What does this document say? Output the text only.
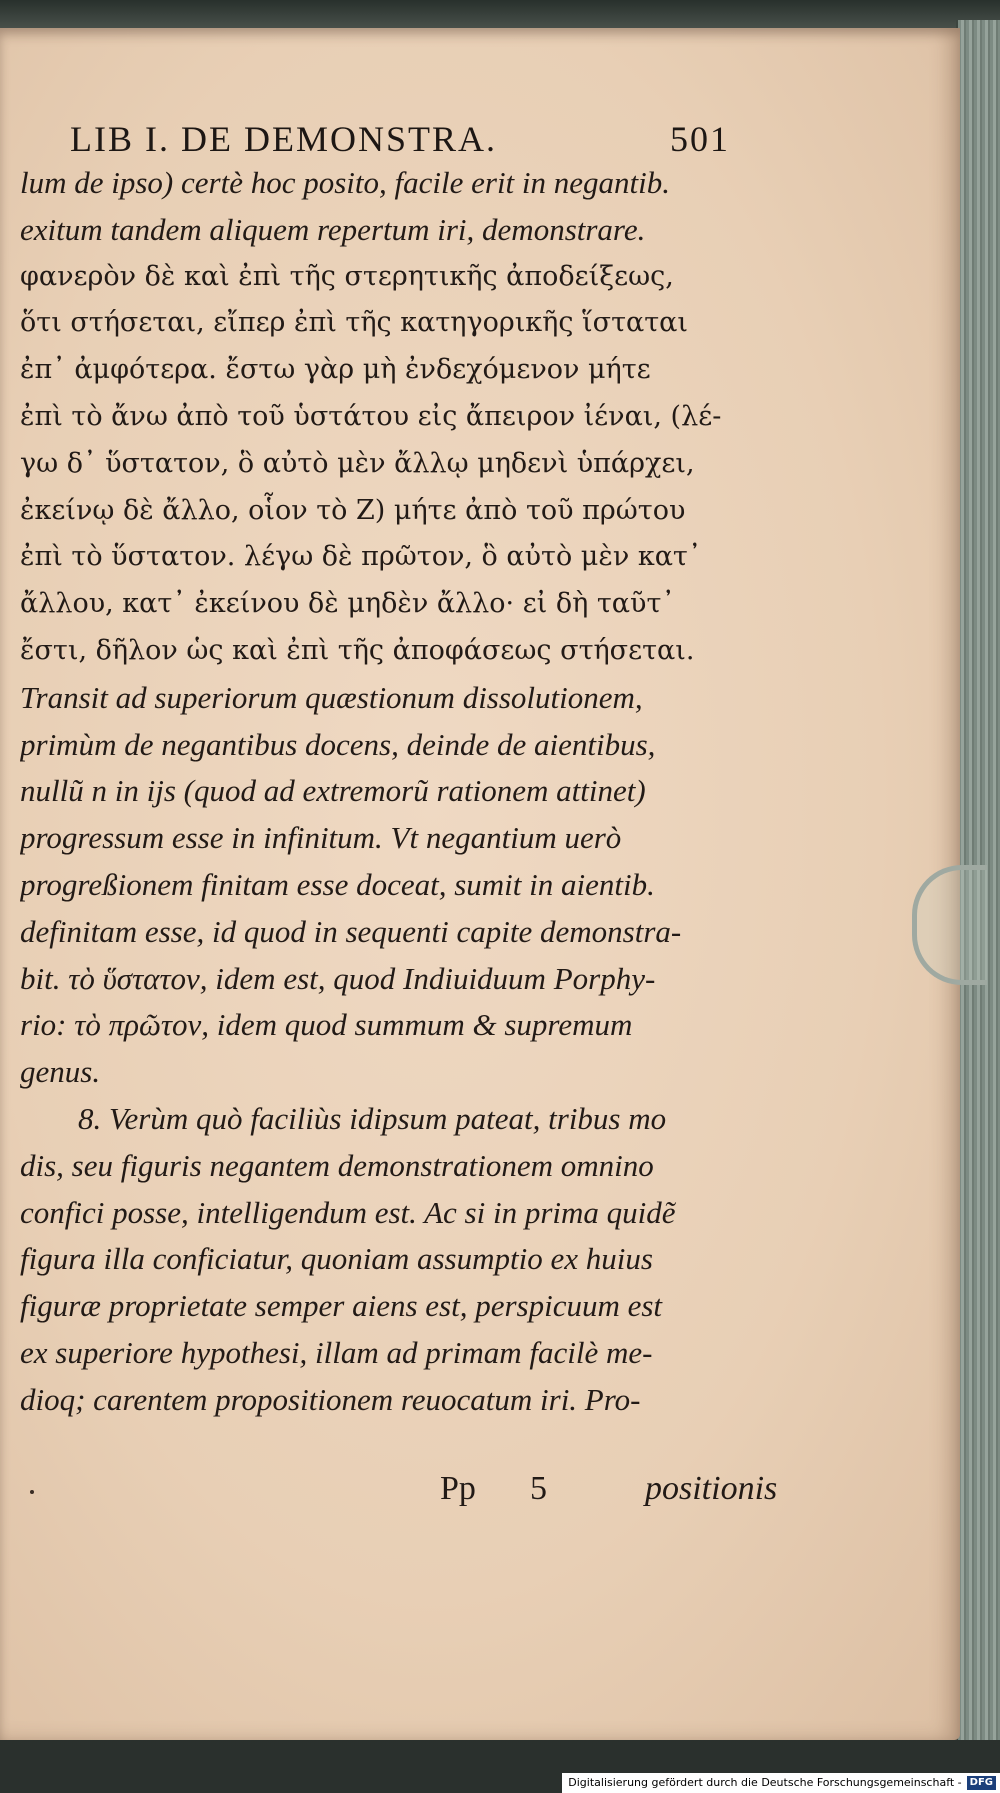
LIB I. DE DEMONSTRA.	501
lum de ipso) certè hoc posito, facile erit in negantib.
exitum tandem aliquem repertum iri, demonstrare.
φανερὸν δὲ καὶ ἐπὶ τῆς στερητικῆς ἀποδείξεως,
ὅτι στήσεται, εἴπερ ἐπὶ τῆς κατηγορικῆς ἵσταται
ἐπ᾽ ἀμφότερα. ἔστω γὰρ μὴ ἐνδεχόμενον μήτε
ἐπὶ τὸ ἄνω ἀπὸ τοῦ ὑστάτου εἰς ἄπειρον ἰέναι, (λέ-
γω δ᾽ ὕστατον, ὃ αὐτὸ μὲν ἄλλῳ μηδενὶ ὑπάρχει,
ἐκείνῳ δὲ ἄλλο, οἷον τὸ Ζ) μήτε ἀπὸ τοῦ πρώτου
ἐπὶ τὸ ὕστατον. λέγω δὲ πρῶτον, ὃ αὐτὸ μὲν κατ᾽
ἄλλου, κατ᾽ ἐκείνου δὲ μηδὲν ἄλλο· εἰ δὴ ταῦτ᾽
ἔστι, δῆλον ὡς καὶ ἐπὶ τῆς ἀποφάσεως στήσεται.
Transit ad superiorum quæstionum dissolutionem,
primùm de negantibus docens, deinde de aientibus,
nullũ n in ijs (quod ad extremorũ rationem attinet)
progressum esse in infinitum. Vt negantium uerò
progreßionem finitam esse doceat, sumit in aientib.
definitam esse, id quod in sequenti capite demonstra-
bit. τὸ ὕστατον, idem est, quod Indiuiduum Porphy-
rio: τὸ πρῶτον, idem quod summum & supremum
genus.
8. Verùm quò faciliùs idipsum pateat, tribus mo
dis, seu figuris negantem demonstrationem omnino
confici posse, intelligendum est. Ac si in prima quidẽ
figura illa conficiatur, quoniam assumptio ex huius
figuræ proprietate semper aiens est, perspicuum est
ex superiore hypothesi, illam ad primam facilè me-
dioq; carentem propositionem reuocatum iri. Pro-
Pp 5	positionis
Digitalisierung gefördert durch die Deutsche Forschungsgemeinschaft - DFG
